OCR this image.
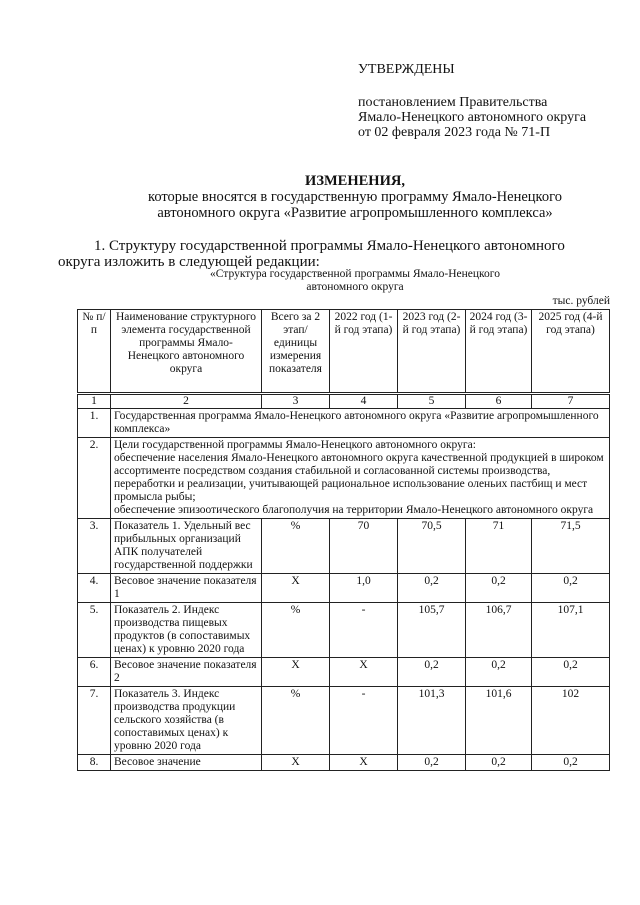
УТВЕРЖДЕНЫ
постановлением Правительства
Ямало-Ненецкого автономного округа
от 02 февраля 2023 года № 71-П
ИЗМЕНЕНИЯ,
которые вносятся в государственную программу Ямало-Ненецкого
автономного округа «Развитие агропромышленного комплекса»
1. Структуру государственной программы Ямало-Ненецкого автономного округа изложить в следующей редакции:
«Структура государственной программы Ямало-Ненецкого
автономного округа
тыс. рублей
№ п/п	Наименование структурного элемента государственной программы Ямало-Ненецкого автономного округа	Всего за 2 этап/ единицы измерения показателя	2022 год (1-й год этапа)	2023 год (2-й год этапа)	2024 год (3-й год этапа)	2025 год (4-й год этапа)
1	2	3	4	5	6	7
1.	Государственная программа Ямало-Ненецкого автономного округа «Развитие агропромышленного комплекса»					
2.	Цели государственной программы Ямало-Ненецкого автономного округа:
обеспечение населения Ямало-Ненецкого автономного округа качественной продукцией в широком ассортименте посредством создания стабильной и согласованной системы производства, переработки и реализации, учитывающей рациональное использование оленьих пастбищ и мест промысла рыбы;
обеспечение эпизоотического благополучия на территории Ямало-Ненецкого автономного округа					

3.	Показатель 1. Удельный вес прибыльных организаций АПК получателей государственной поддержки	%	70	70,5	71	71,5
4.	Весовое значение показателя 1	X	1,0	0,2	0,2	0,2
5.	Показатель 2. Индекс производства пищевых продуктов (в сопоставимых ценах) к уровню 2020 года	%	-	105,7	106,7	107,1
6.	Весовое значение показателя 2	X	X	0,2	0,2	0,2
7.	Показатель 3. Индекс производства продукции сельского хозяйства (в сопоставимых ценах) к уровню 2020 года	%	-	101,3	101,6	102
8.	Весовое значение	X	X	0,2	0,2	0,2
